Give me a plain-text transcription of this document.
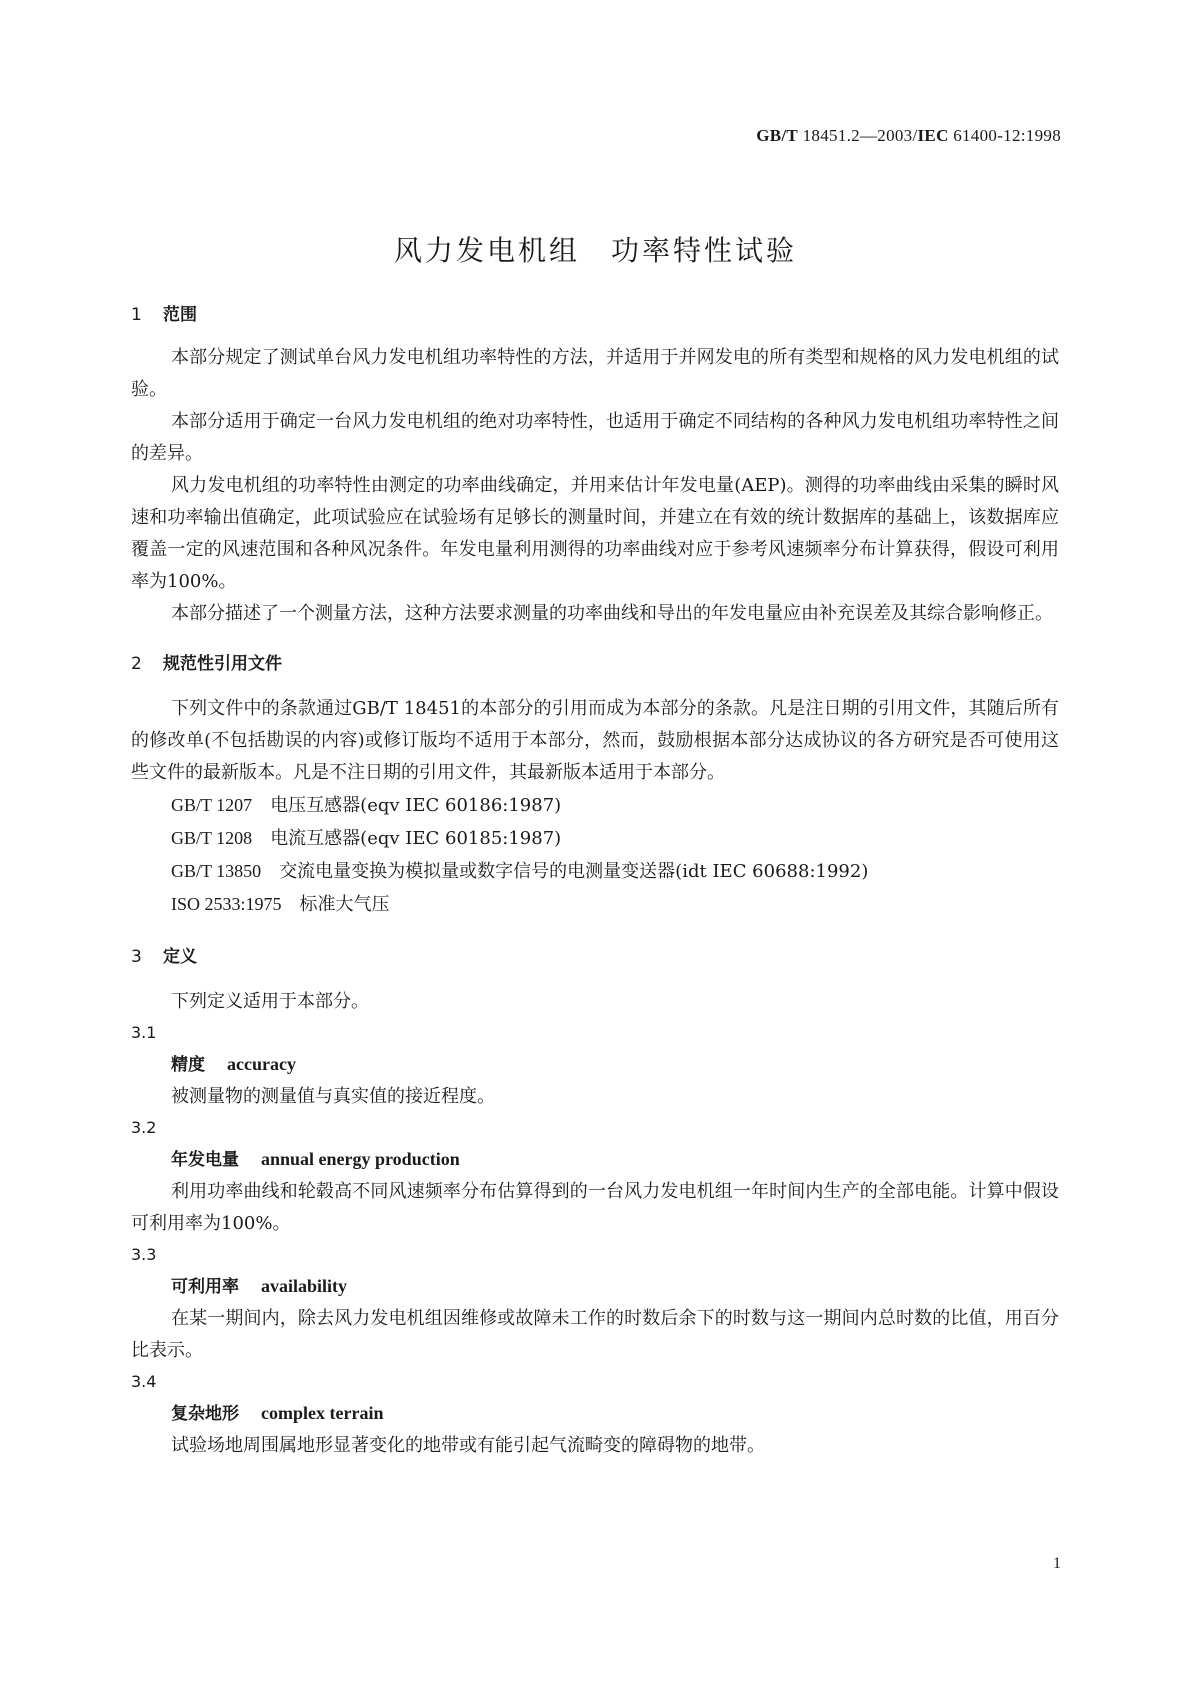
GB/T 18451.2—2003/IEC 61400-12:1998
风力发电机组　功率特性试验
1 范围

本部分规定了测试单台风力发电机组功率特性的方法，并适用于并网发电的所有类型和规格的风力发电机组的试验。

本部分适用于确定一台风力发电机组的绝对功率特性，也适用于确定不同结构的各种风力发电机组功率特性之间的差异。

风力发电机组的功率特性由测定的功率曲线确定，并用来估计年发电量(AEP)。测得的功率曲线由采集的瞬时风速和功率输出值确定，此项试验应在试验场有足够长的测量时间，并建立在有效的统计数据库的基础上，该数据库应覆盖一定的风速范围和各种风况条件。年发电量利用测得的功率曲线对应于参考风速频率分布计算获得，假设可利用率为100%。

本部分描述了一个测量方法，这种方法要求测量的功率曲线和导出的年发电量应由补充误差及其综合影响修正。

2 规范性引用文件

下列文件中的条款通过GB/T 18451的本部分的引用而成为本部分的条款。凡是注日期的引用文件，其随后所有的修改单(不包括勘误的内容)或修订版均不适用于本部分，然而，鼓励根据本部分达成协议的各方研究是否可使用这些文件的最新版本。凡是不注日期的引用文件，其最新版本适用于本部分。

GB/T 1207　 电压互感器(eqv IEC 60186:1987)
GB/T 1208　 电流互感器(eqv IEC 60185:1987)
GB/T 13850　 交流电量变换为模拟量或数字信号的电测量变送器(idt IEC 60688:1992)
ISO 2533:1975　 标准大气压
3 定义

下列定义适用于本部分。

3.1
精度 accuracy

被测量物的测量值与真实值的接近程度。

3.2
年发电量 annual energy production

利用功率曲线和轮毂高不同风速频率分布估算得到的一台风力发电机组一年时间内生产的全部电能。计算中假设可利用率为100%。

3.3
可利用率 availability

在某一期间内，除去风力发电机组因维修或故障未工作的时数后余下的时数与这一期间内总时数的比值，用百分比表示。

3.4
复杂地形 complex terrain

试验场地周围属地形显著变化的地带或有能引起气流畸变的障碍物的地带。

1
